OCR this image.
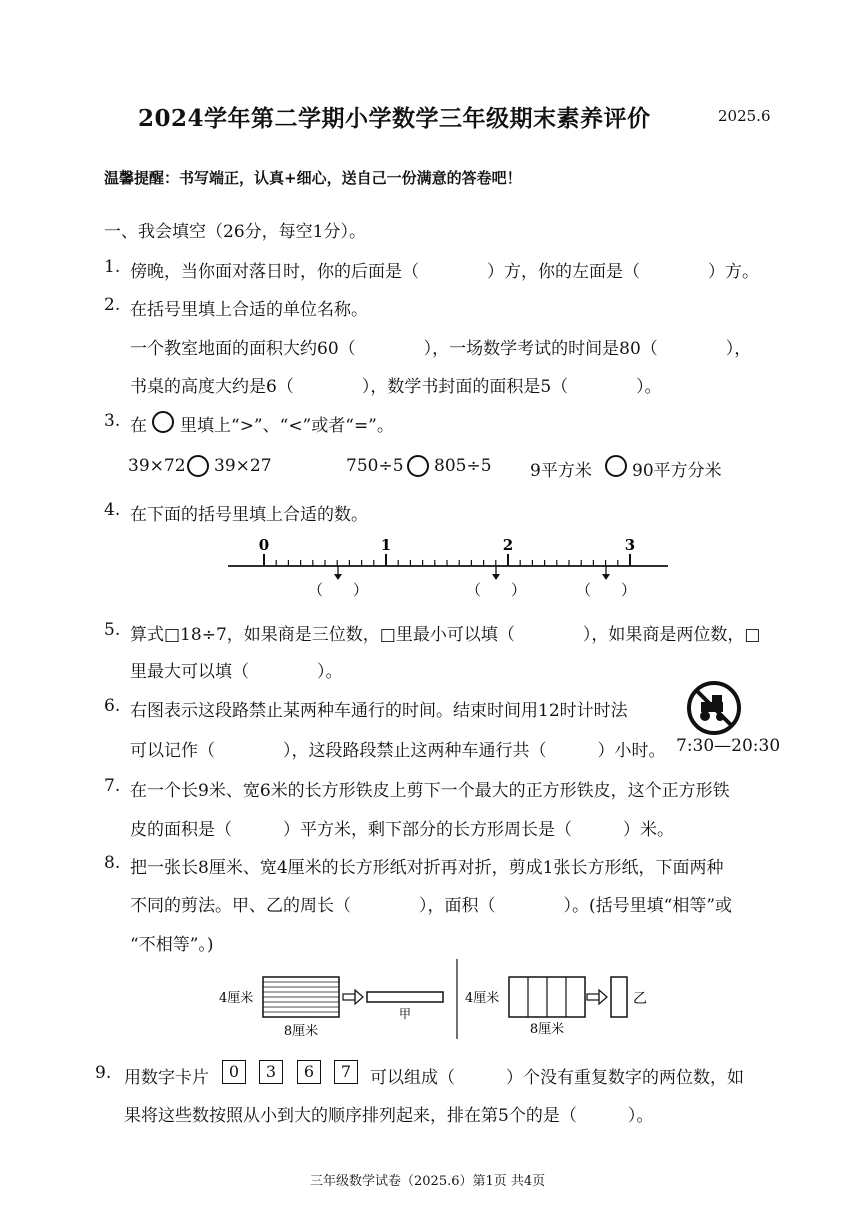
2024学年第二学期小学数学三年级期末素养评价	2025.6
温馨提醒：书写端正，认真+细心，送自己一份满意的答卷吧！
一、我会填空（26分，每空1分）。
1. 傍晚，当你面对落日时，你的后面是（　　　　）方，你的左面是（　　　　）方。
2. 在括号里填上合适的单位名称。
一个教室地面的面积大约60（　　　　），一场数学考试的时间是80（　　　　），
书桌的高度大约是6（　　　　），数学书封面的面积是5（　　　　）。
3. 在 里填上“>”、“<”或者“=”。
39×72 39×27	750÷5 805÷5 9平方米 90平方分米
4. 在下面的括号里填上合适的数。
0	1	2	3
（　　）	（　　）	（　　）
5. 算式□18÷7，如果商是三位数，□里最小可以填（　　　　），如果商是两位数，□
里最大可以填（　　　　）。
6. 右图表示这段路禁止某两种车通行的时间。结束时间用12时计时法
可以记作（　　　　），这段路段禁止这两种车通行共（　　　）小时。 7:30—20:30
7. 在一个长9米、宽6米的长方形铁皮上剪下一个最大的正方形铁皮，这个正方形铁
皮的面积是（　　　）平方米，剩下部分的长方形周长是（　　　）米。
8. 把一张长8厘米、宽4厘米的长方形纸对折再对折，剪成1张长方形纸，下面两种
不同的剪法。甲、乙的周长（　　　　），面积（　　　　）。(括号里填“相等”或
“不相等”。)
4厘米
8厘米
甲
4厘米
8厘米
乙
9. 用数字卡片	0	3	6	7	可以组成（　　　）个没有重复数字的两位数，如
果将这些数按照从小到大的顺序排列起来，排在第5个的是（　　　）。
三年级数学试卷（2025.6）第1页 共4页
